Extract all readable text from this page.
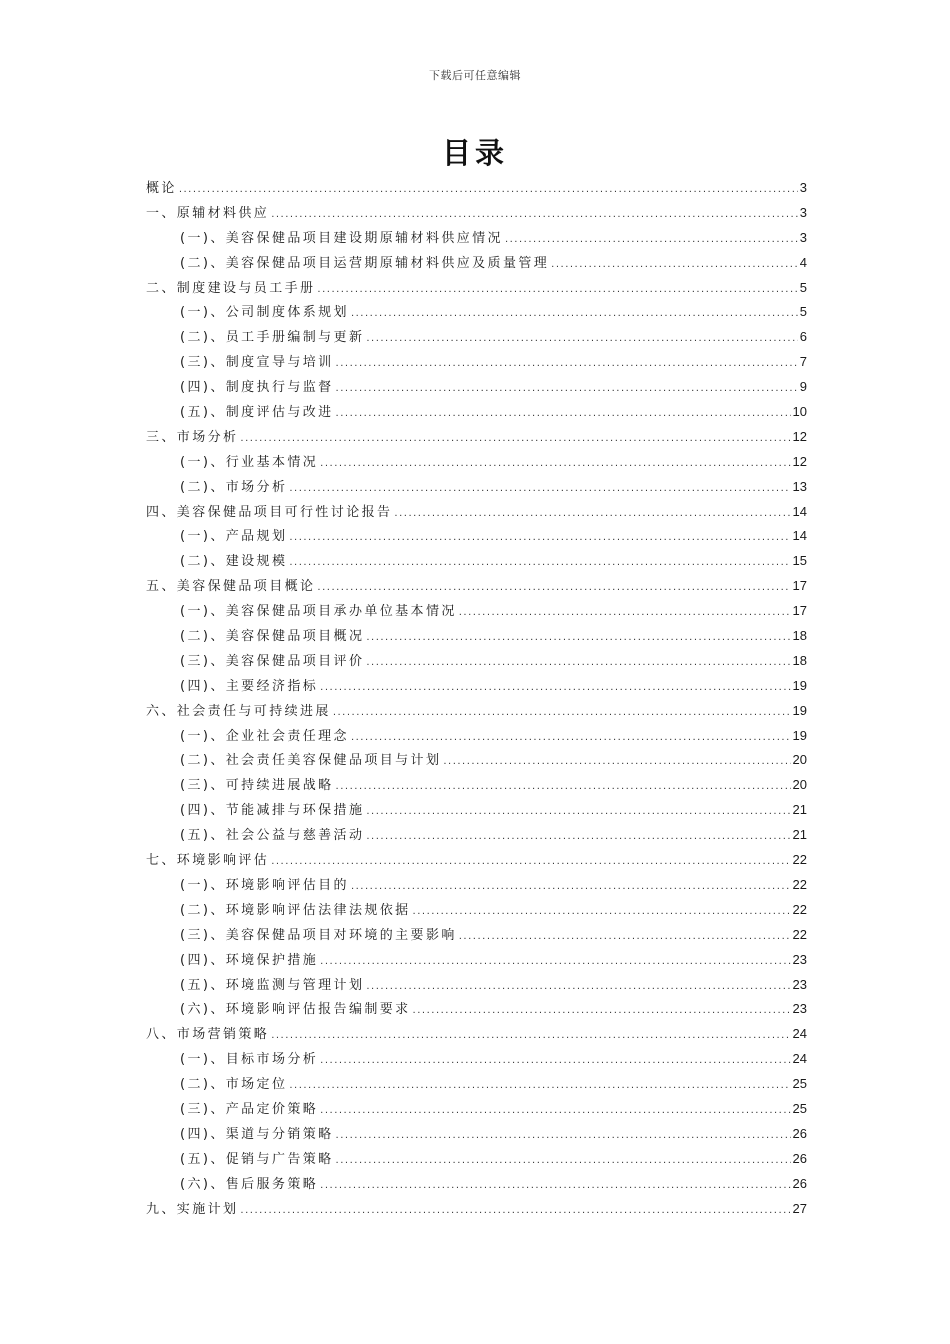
下载后可任意编辑
目录
概论 .....	3
一、原辅材料供应 .....	3
(一)、美容保健品项目建设期原辅材料供应情况 .....	3
(二)、美容保健品项目运营期原辅材料供应及质量管理 .....	4
二、制度建设与员工手册 .....	5
(一)、公司制度体系规划 .....	5
(二)、员工手册编制与更新 .....	6
(三)、制度宣导与培训 .....	7
(四)、制度执行与监督 .....	9
(五)、制度评估与改进 .....	10
三、市场分析 .....	12
(一)、行业基本情况 .....	12
(二)、市场分析 .....	13
四、美容保健品项目可行性讨论报告 .....	14
(一)、产品规划 .....	14
(二)、建设规模 .....	15
五、美容保健品项目概论 .....	17
(一)、美容保健品项目承办单位基本情况 .....	17
(二)、美容保健品项目概况 .....	18
(三)、美容保健品项目评价 .....	18
(四)、主要经济指标 .....	19
六、社会责任与可持续进展 .....	19
(一)、企业社会责任理念 .....	19
(二)、社会责任美容保健品项目与计划 .....	20
(三)、可持续进展战略 .....	20
(四)、节能减排与环保措施 .....	21
(五)、社会公益与慈善活动 .....	21
七、环境影响评估 .....	22
(一)、环境影响评估目的 .....	22
(二)、环境影响评估法律法规依据 .....	22
(三)、美容保健品项目对环境的主要影响 .....	22
(四)、环境保护措施 .....	23
(五)、环境监测与管理计划 .....	23
(六)、环境影响评估报告编制要求 .....	23
八、市场营销策略 .....	24
(一)、目标市场分析 .....	24
(二)、市场定位 .....	25
(三)、产品定价策略 .....	25
(四)、渠道与分销策略 .....	26
(五)、促销与广告策略 .....	26
(六)、售后服务策略 .....	26
九、实施计划 .....	27
